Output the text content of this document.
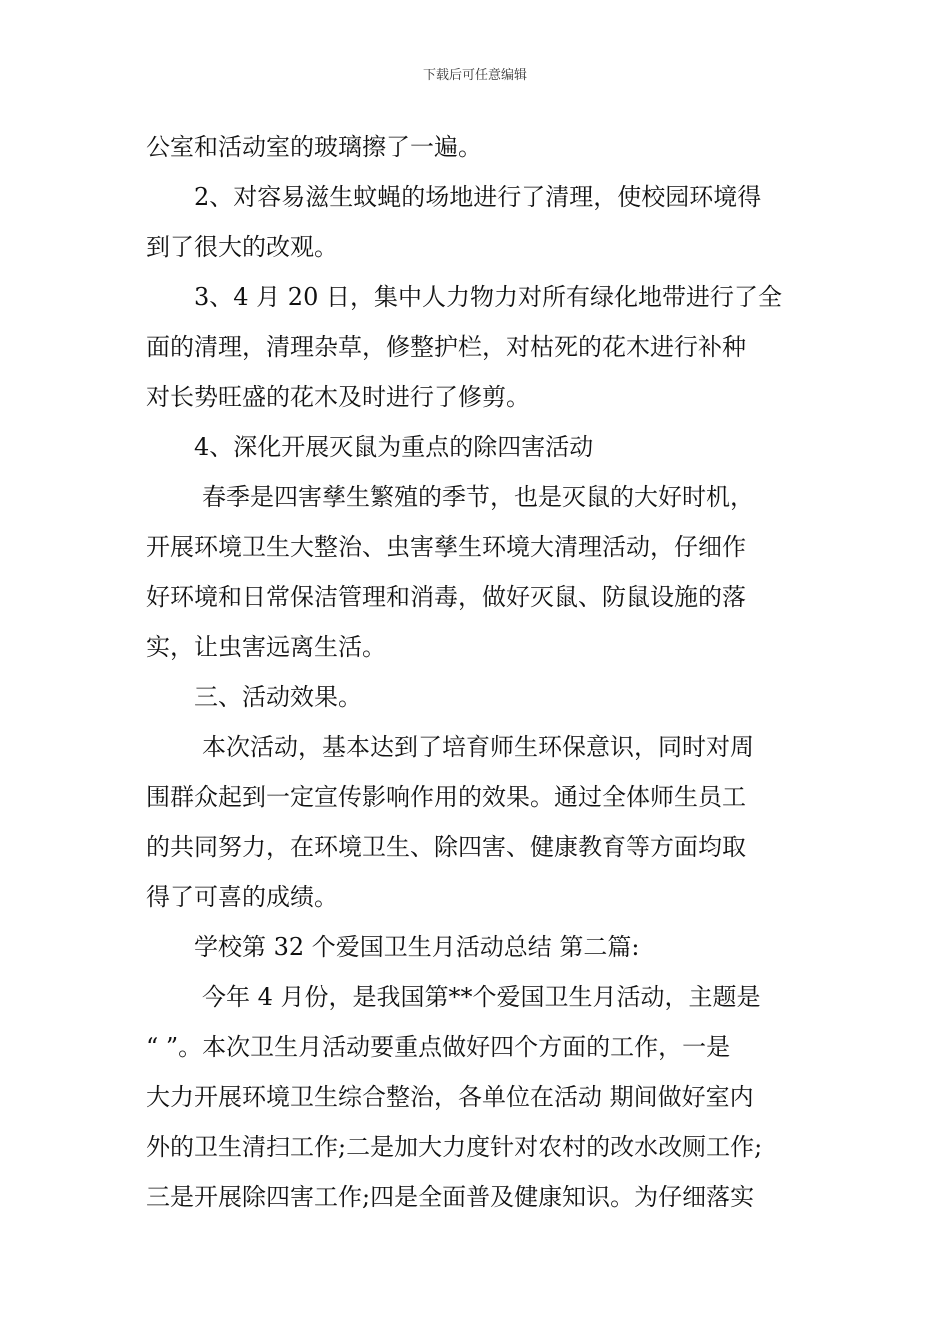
下载后可任意编辑
公室和活动室的玻璃擦了一遍。
2、对容易滋生蚊蝇的场地进行了清理，使校园环境得
到了很大的改观。
3、4 月 20 日，集中人力物力对所有绿化地带进行了全
面的清理，清理杂草，修整护栏，对枯死的花木进行补种
对长势旺盛的花木及时进行了修剪。
4、深化开展灭鼠为重点的除四害活动
春季是四害孳生繁殖的季节，也是灭鼠的大好时机，
开展环境卫生大整治、虫害孳生环境大清理活动，仔细作
好环境和日常保洁管理和消毒，做好灭鼠、防鼠设施的落
实，让虫害远离生活。
三、活动效果。
本次活动，基本达到了培育师生环保意识，同时对周
围群众起到一定宣传影响作用的效果。通过全体师生员工
的共同努力，在环境卫生、除四害、健康教育等方面均取
得了可喜的成绩。
学校第 32 个爱国卫生月活动总结 第二篇:
今年 4 月份，是我国第**个爱国卫生月活动，主题是
“ ”。本次卫生月活动要重点做好四个方面的工作，一是
大力开展环境卫生综合整治，各单位在活动 期间做好室内
外的卫生清扫工作;二是加大力度针对农村的改水改厕工作;
三是开展除四害工作;四是全面普及健康知识。为仔细落实
